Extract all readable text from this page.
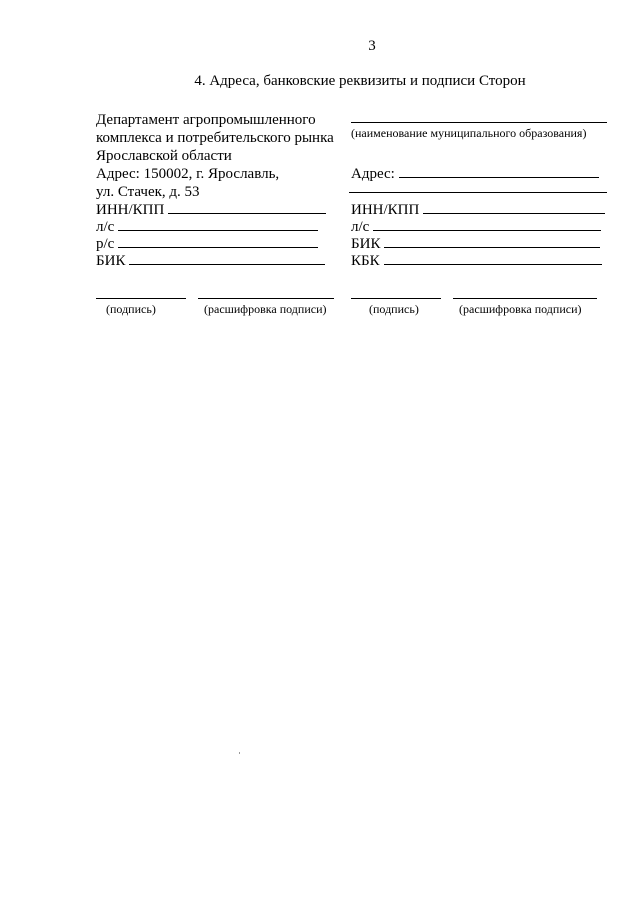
3
4. Адреса, банковские реквизиты и подписи Сторон
Департамент агропромышленного
комплекса и потребительского рынка
Ярославской области
Адрес: 150002, г. Ярославль,
ул. Стачек, д. 53
ИНН/КПП
л/с
р/с
БИК
(наименование муниципального образования)
Адрес:
ИНН/КПП
л/с
БИК
КБК
(подпись)	(расшифровка подписи)	(подпись)	(расшифровка подписи)
